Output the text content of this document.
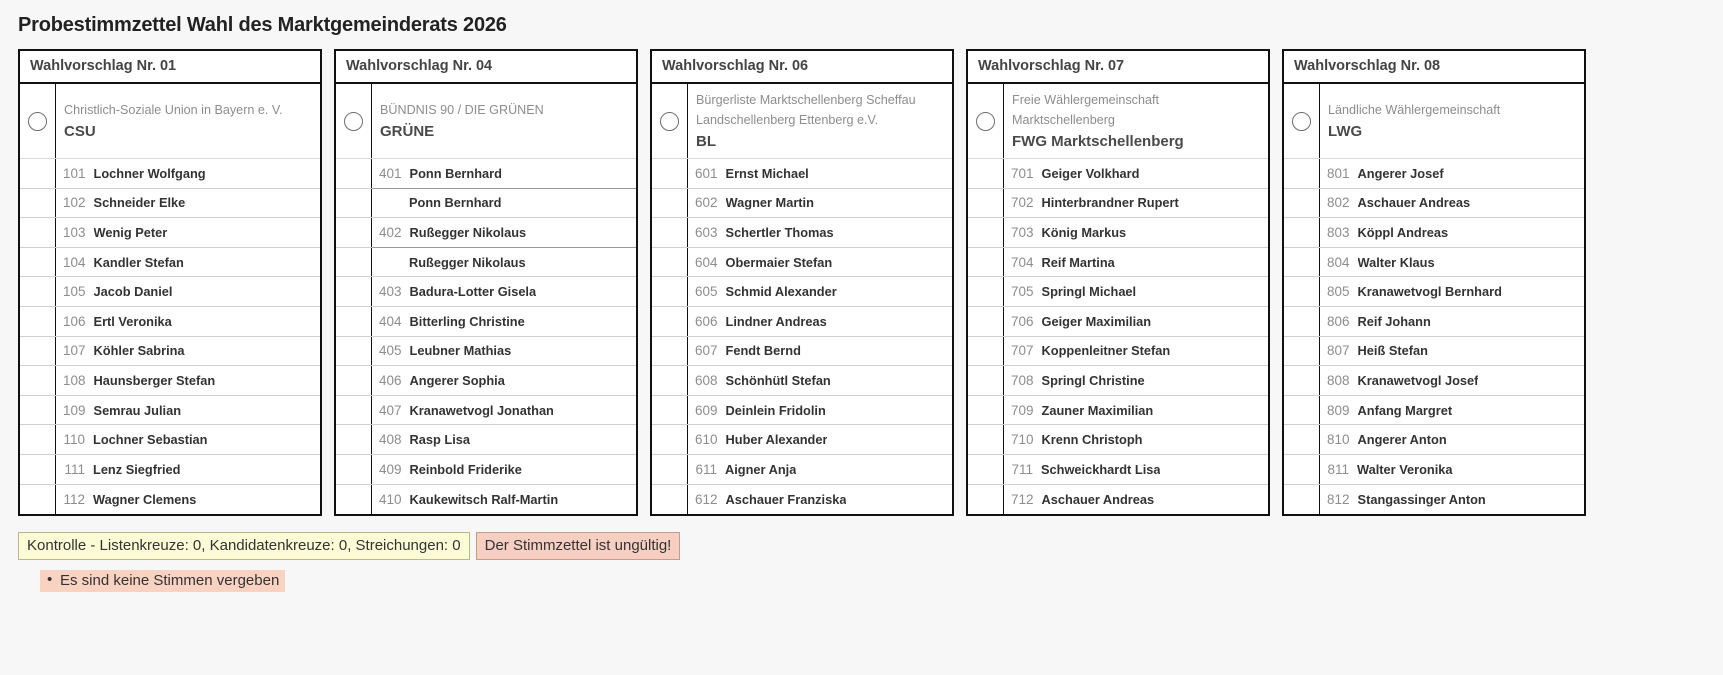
Probestimmzettel Wahl des Marktgemeinderats 2026
Wahlvorschlag Nr. 01
Christlich-Soziale Union in Bayern e. V.
CSU
101 Lochner Wolfgang
102 Schneider Elke
103 Wenig Peter
104 Kandler Stefan
105 Jacob Daniel
106 Ertl Veronika
107 Köhler Sabrina
108 Haunsberger Stefan
109 Semrau Julian
110 Lochner Sebastian
111 Lenz Siegfried
112 Wagner Clemens
Wahlvorschlag Nr. 04
BÜNDNIS 90 / DIE GRÜNEN
GRÜNE
401 Ponn Bernhard
Ponn Bernhard
402 Rußegger Nikolaus
Rußegger Nikolaus
403 Badura-Lotter Gisela
404 Bitterling Christine
405 Leubner Mathias
406 Angerer Sophia
407 Kranawetvogl Jonathan
408 Rasp Lisa
409 Reinbold Friderike
410 Kaukewitsch Ralf-Martin
Wahlvorschlag Nr. 06
Bürgerliste Marktschellenberg Scheffau
Landschellenberg Ettenberg e.V.
BL
601 Ernst Michael
602 Wagner Martin
603 Schertler Thomas
604 Obermaier Stefan
605 Schmid Alexander
606 Lindner Andreas
607 Fendt Bernd
608 Schönhütl Stefan
609 Deinlein Fridolin
610 Huber Alexander
611 Aigner Anja
612 Aschauer Franziska
Wahlvorschlag Nr. 07
Freie Wählergemeinschaft
Marktschellenberg
FWG Marktschellenberg
701 Geiger Volkhard
702 Hinterbrandner Rupert
703 König Markus
704 Reif Martina
705 Springl Michael
706 Geiger Maximilian
707 Koppenleitner Stefan
708 Springl Christine
709 Zauner Maximilian
710 Krenn Christoph
711 Schweickhardt Lisa
712 Aschauer Andreas
Wahlvorschlag Nr. 08
Ländliche Wählergemeinschaft
LWG
801 Angerer Josef
802 Aschauer Andreas
803 Köppl Andreas
804 Walter Klaus
805 Kranawetvogl Bernhard
806 Reif Johann
807 Heiß Stefan
808 Kranawetvogl Josef
809 Anfang Margret
810 Angerer Anton
811 Walter Veronika
812 Stangassinger Anton
Kontrolle - Listenkreuze: 0, Kandidatenkreuze: 0, Streichungen: 0	Der Stimmzettel ist ungültig!
• Es sind keine Stimmen vergeben
